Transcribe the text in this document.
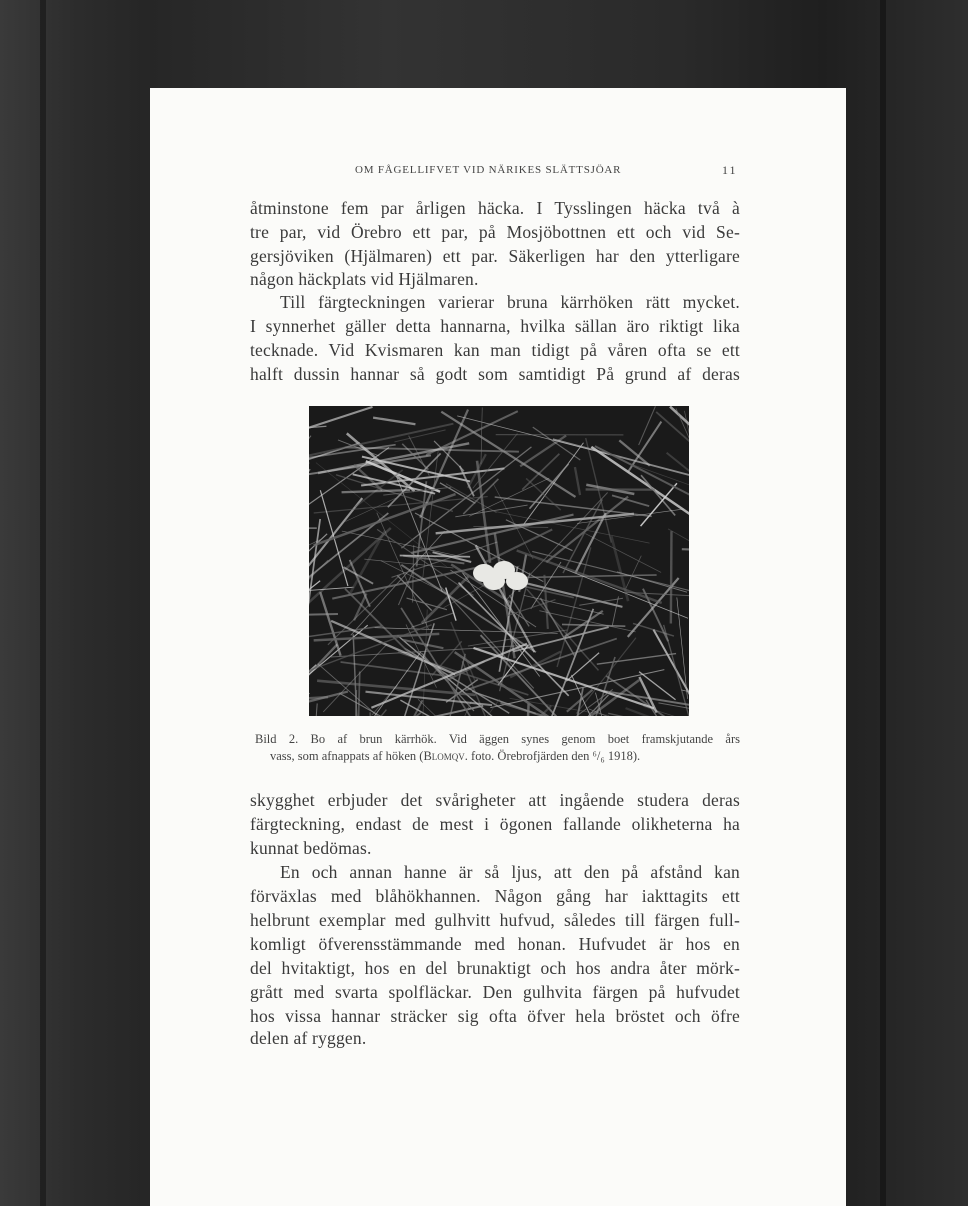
OM FÅGELLIFVET VID NÄRIKES SLÄTTSJÖAR	11
åtminstone fem par årligen häcka. I Tysslingen häcka två à
tre par, vid Örebro ett par, på Mosjöbottnen ett och vid Se-
gersjöviken (Hjälmaren) ett par. Säkerligen har den ytterligare
någon häckplats vid Hjälmaren.
Till färgteckningen varierar bruna kärrhöken rätt mycket.
I synnerhet gäller detta hannarna, hvilka sällan äro riktigt lika
tecknade. Vid Kvismaren kan man tidigt på våren ofta se ett
halft dussin hannar så godt som samtidigt På grund af deras
Bild 2. Bo af brun kärrhök. Vid äggen synes genom boet framskjutande års
vass, som afnappats af höken (Blomqv. foto. Örebrofjärden den ⁶/₆ 1918).
skygghet erbjuder det svårigheter att ingående studera deras
färgteckning, endast de mest i ögonen fallande olikheterna ha
kunnat bedömas.
En och annan hanne är så ljus, att den på afstånd kan
förväxlas med blåhökhannen. Någon gång har iakttagits ett
helbrunt exemplar med gulhvitt hufvud, således till färgen full-
komligt öfverensstämmande med honan. Hufvudet är hos en
del hvitaktigt, hos en del brunaktigt och hos andra åter mörk-
grått med svarta spolfläckar. Den gulhvita färgen på hufvudet
hos vissa hannar sträcker sig ofta öfver hela bröstet och öfre
delen af ryggen.
